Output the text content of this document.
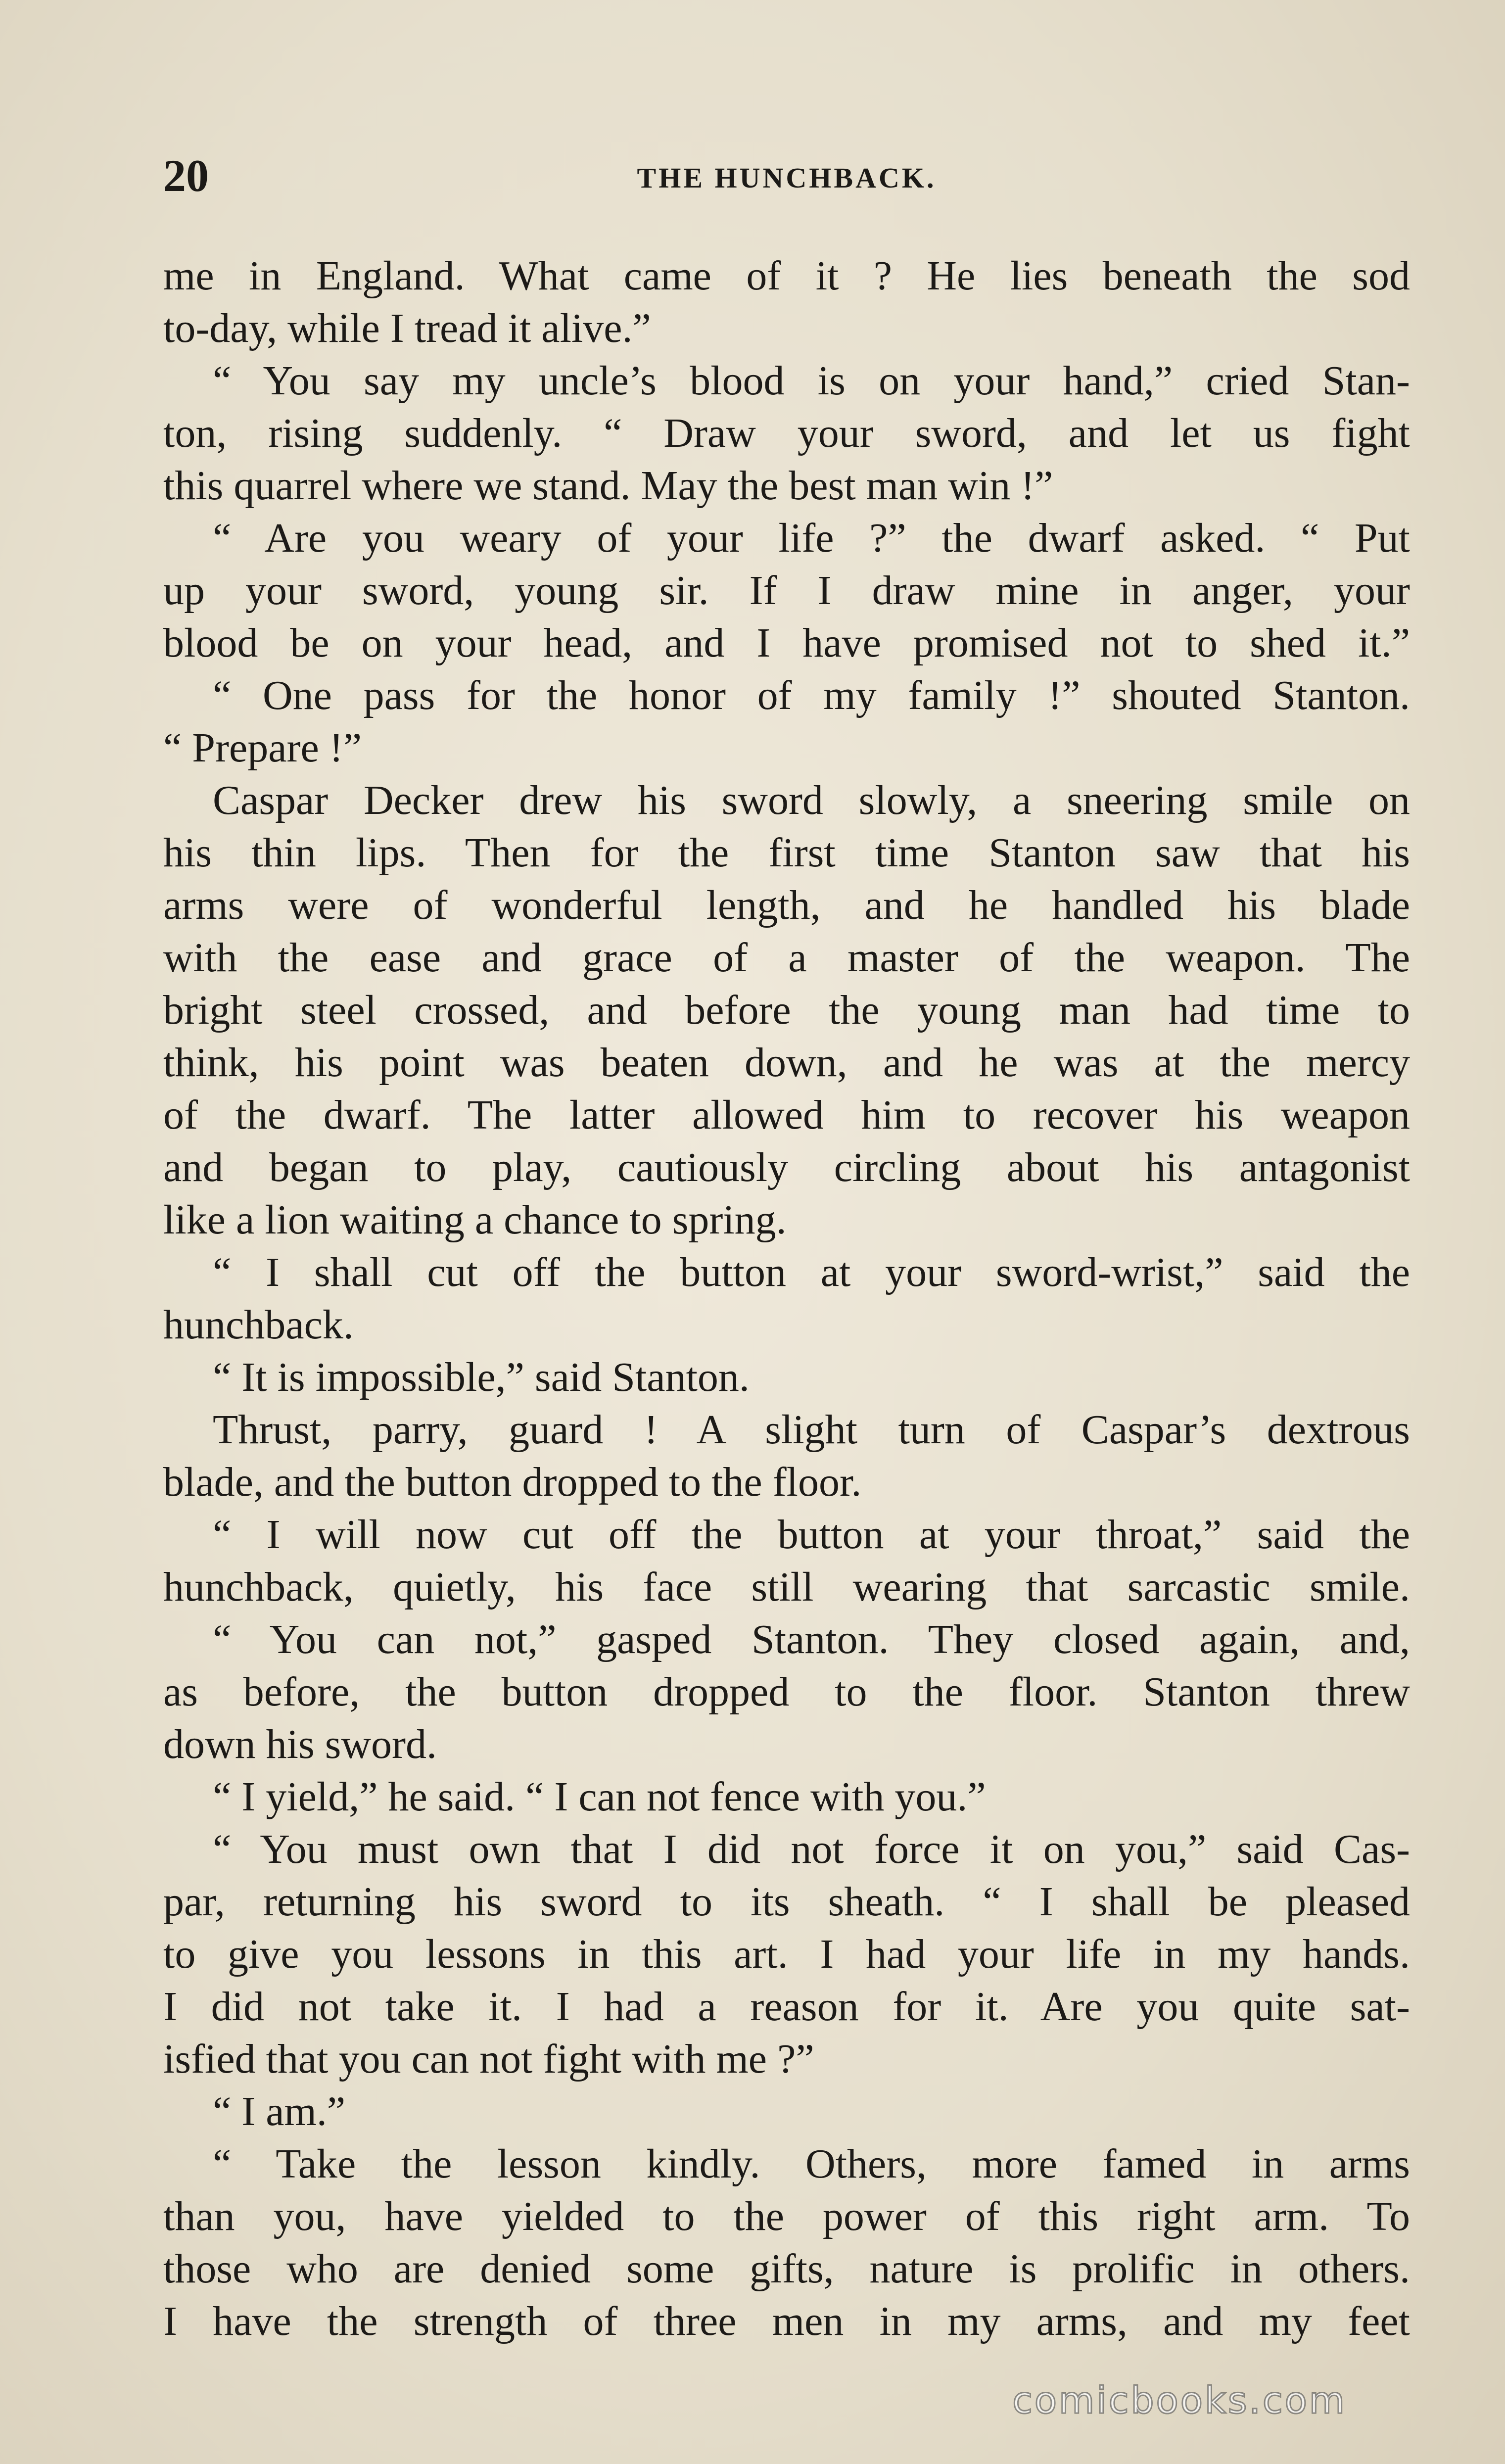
20	THE HUNCHBACK.
me in England. What came of it ? He lies beneath the sod
to-day, while I tread it alive.”
“ You say my uncle’s blood is on your hand,” cried Stan-
ton, rising suddenly. “ Draw your sword, and let us fight
this quarrel where we stand. May the best man win !”
“ Are you weary of your life ?” the dwarf asked. “ Put
up your sword, young sir. If I draw mine in anger, your
blood be on your head, and I have promised not to shed it.”
“ One pass for the honor of my family !” shouted Stanton.
“ Prepare !”
Caspar Decker drew his sword slowly, a sneering smile on
his thin lips. Then for the first time Stanton saw that his
arms were of wonderful length, and he handled his blade
with the ease and grace of a master of the weapon. The
bright steel crossed, and before the young man had time to
think, his point was beaten down, and he was at the mercy
of the dwarf. The latter allowed him to recover his weapon
and began to play, cautiously circling about his antagonist
like a lion waiting a chance to spring.
“ I shall cut off the button at your sword-wrist,” said the
hunchback.
“ It is impossible,” said Stanton.
Thrust, parry, guard ! A slight turn of Caspar’s dextrous
blade, and the button dropped to the floor.
“ I will now cut off the button at your throat,” said the
hunchback, quietly, his face still wearing that sarcastic smile.
“ You can not,” gasped Stanton. They closed again, and,
as before, the button dropped to the floor. Stanton threw
down his sword.
“ I yield,” he said. “ I can not fence with you.”
“ You must own that I did not force it on you,” said Cas-
par, returning his sword to its sheath. “ I shall be pleased
to give you lessons in this art. I had your life in my hands.
I did not take it. I had a reason for it. Are you quite sat-
isfied that you can not fight with me ?”
“ I am.”
“ Take the lesson kindly. Others, more famed in arms
than you, have yielded to the power of this right arm. To
those who are denied some gifts, nature is prolific in others.
I have the strength of three men in my arms, and my feet
comicbooks.com
